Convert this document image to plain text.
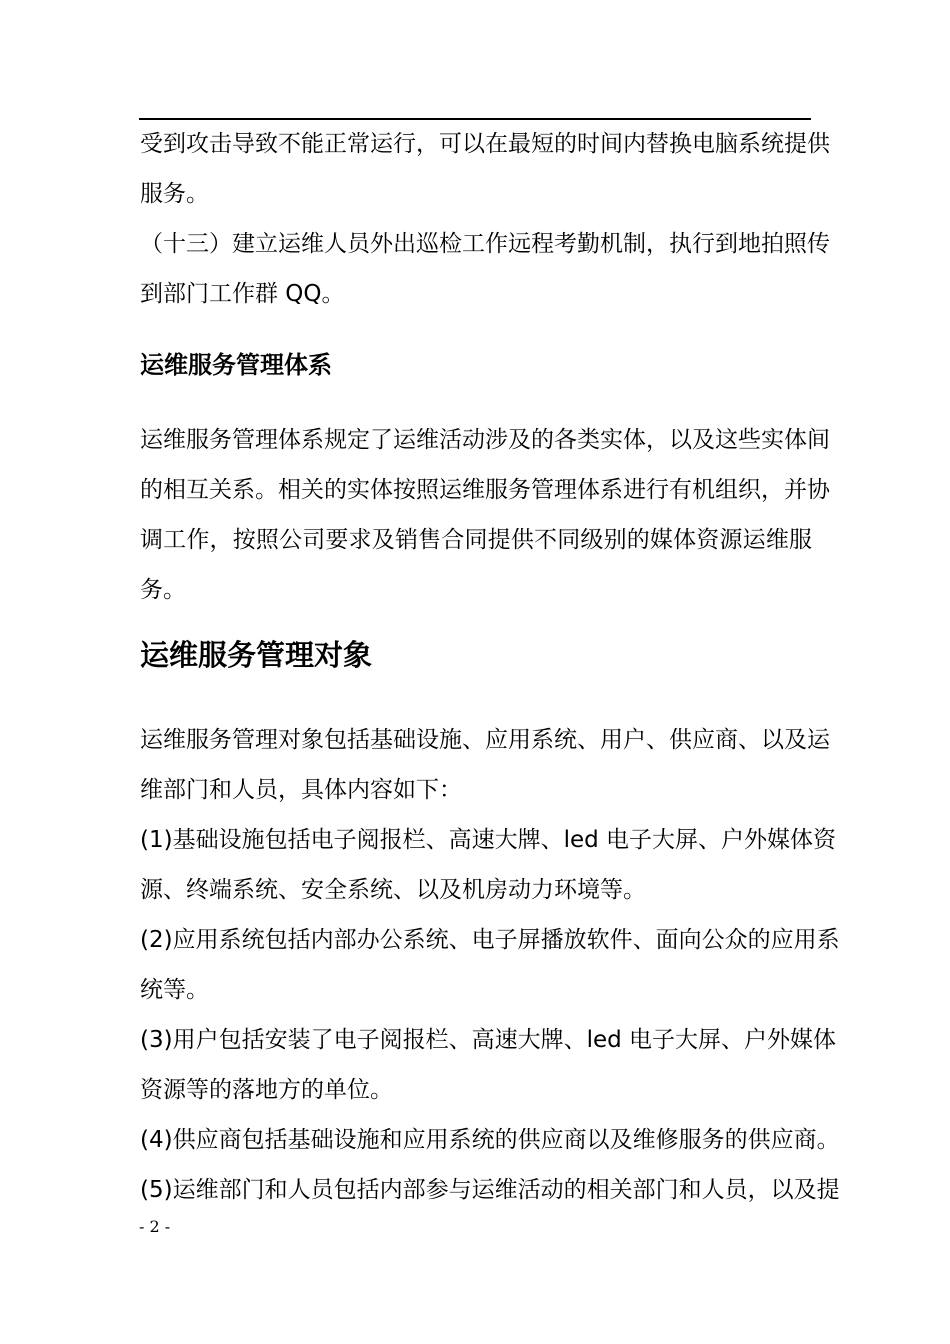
受到攻击导致不能正常运行，可以在最短的时间内替换电脑系统提供
服务。
（十三）建立运维人员外出巡检工作远程考勤机制，执行到地拍照传
到部门工作群 QQ。
运维服务管理体系
运维服务管理体系规定了运维活动涉及的各类实体，以及这些实体间
的相互关系。相关的实体按照运维服务管理体系进行有机组织，并协
调工作，按照公司要求及销售合同提供不同级别的媒体资源运维服
务。
运维服务管理对象
运维服务管理对象包括基础设施、应用系统、用户、供应商、以及运
维部门和人员，具体内容如下：
(1)基础设施包括电子阅报栏、高速大牌、led 电子大屏、户外媒体资
源、终端系统、安全系统、以及机房动力环境等。
(2)应用系统包括内部办公系统、电子屏播放软件、面向公众的应用系
统等。
(3)用户包括安装了电子阅报栏、高速大牌、led 电子大屏、户外媒体
资源等的落地方的单位。
(4)供应商包括基础设施和应用系统的供应商以及维修服务的供应商。
(5)运维部门和人员包括内部参与运维活动的相关部门和人员，以及提
- 2 -
